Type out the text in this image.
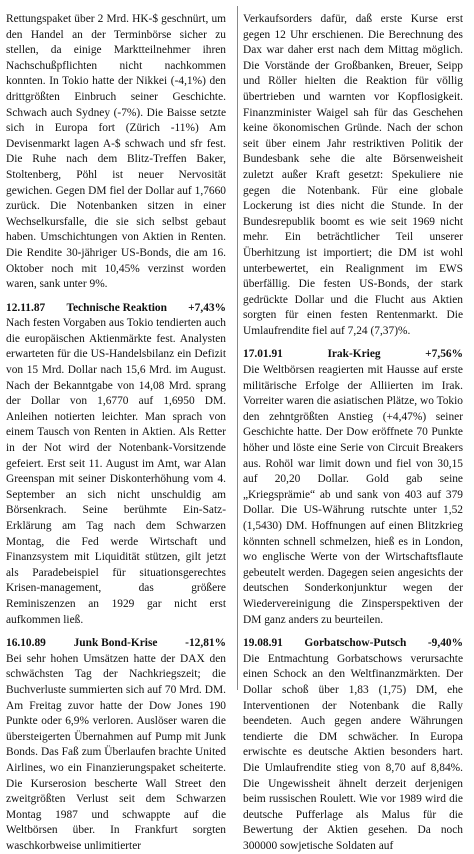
Rettungspaket über 2 Mrd. HK-$ geschnürt, um den Handel an der Terminbörse sicher zu stellen, da einige Marktteilnehmer ihren Nachschußpflichten nicht nachkommen konnten. In Tokio hatte der Nikkei (-4,1%) den drittgrößten Einbruch seiner Geschichte. Schwach auch Sydney (-7%). Die Baisse setzte sich in Europa fort (Zürich -11%) Am Devisenmarkt lagen A-$ schwach und sfr fest. Die Ruhe nach dem Blitz-Treffen Baker, Stoltenberg, Pöhl ist neuer Nervosität gewichen. Gegen DM fiel der Dollar auf 1,7660 zurück. Die Notenbanken sitzen in einer Wechselkursfalle, die sie sich selbst gebaut haben. Umschichtungen von Aktien in Renten. Die Rendite 30-jähriger US-Bonds, die am 16. Oktober noch mit 10,45% verzinst worden waren, sank unter 9%.

12.11.87	Technische Reaktion	+7,43%

Nach festen Vorgaben aus Tokio tendierten auch die europäischen Aktienmärkte fest. Analysten erwarteten für die US-Handelsbilanz ein Defizit von 15 Mrd. Dollar nach 15,6 Mrd. im August. Nach der Bekanntgabe von 14,08 Mrd. sprang der Dollar von 1,6770 auf 1,6950 DM. Anleihen notierten leichter. Man sprach von einem Tausch von Renten in Aktien. Als Retter in der Not wird der Notenbank-Vorsitzende gefeiert. Erst seit 11. August im Amt, war Alan Greenspan mit seiner Diskonterhöhung vom 4. September an sich nicht unschuldig am Börsenkrach. Seine berühmte Ein-Satz-Erklärung am Tag nach dem Schwarzen Montag, die Fed werde Wirtschaft und Finanzsystem mit Liquidität stützen, gilt jetzt als Paradebeispiel für situationsgerechtes Krisen-management, das größere Reminiszenzen an 1929 gar nicht erst aufkommen ließ.

16.10.89	Junk Bond-Krise	-12,81%

Bei sehr hohen Umsätzen hatte der DAX den schwächsten Tag der Nachkriegszeit; die Buchverluste summierten sich auf 70 Mrd. DM. Am Freitag zuvor hatte der Dow Jones 190 Punkte oder 6,9% verloren. Auslöser waren die übersteigerten Übernahmen auf Pump mit Junk Bonds. Das Faß zum Überlaufen brachte United Airlines, wo ein Finanzierungspaket scheiterte. Die Kurserosion bescherte Wall Street den zweitgrößten Verlust seit dem Schwarzen Montag 1987 und schwappte auf die Weltbörsen über. In Frankfurt sorgten waschkorbweise unlimitierter

Verkaufsorders dafür, daß erste Kurse erst gegen 12 Uhr erschienen. Die Berechnung des Dax war daher erst nach dem Mittag möglich. Die Vorstände der Großbanken, Breuer, Seipp und Röller hielten die Reaktion für völlig übertrieben und warnten vor Kopflosigkeit. Finanzminister Waigel sah für das Geschehen keine ökonomischen Gründe. Nach der schon seit über einem Jahr restriktiven Politik der Bundesbank sehe die alte Börsenweisheit zuletzt außer Kraft gesetzt: Spekuliere nie gegen die Notenbank. Für eine globale Lockerung ist dies nicht die Stunde. In der Bundesrepublik boomt es wie seit 1969 nicht mehr. Ein beträchtlicher Teil unserer Überhitzung ist importiert; die DM ist wohl unterbewertet, ein Realignment im EWS überfällig. Die festen US-Bonds, der stark gedrückte Dollar und die Flucht aus Aktien sorgten für einen festen Rentenmarkt. Die Umlaufrendite fiel auf 7,24 (7,37)%.

17.01.91	Irak-Krieg	+7,56%

Die Weltbörsen reagierten mit Hausse auf erste militärische Erfolge der Alliierten im Irak. Vorreiter waren die asiatischen Plätze, wo Tokio den zehntgrößten Anstieg (+4,47%) seiner Geschichte hatte. Der Dow eröffnete 70 Punkte höher und löste eine Serie von Circuit Breakers aus. Rohöl war limit down und fiel von 30,15 auf 20,20 Dollar. Gold gab seine „Kriegsprämie“ ab und sank von 403 auf 379 Dollar. Die US-Währung rutschte unter 1,52 (1,5430) DM. Hoffnungen auf einen Blitzkrieg könnten schnell schmelzen, hieß es in London, wo englische Werte von der Wirtschaftsflaute gebeutelt werden. Dagegen seien angesichts der deutschen Sonderkonjunktur wegen der Wiedervereinigung die Zinsperspektiven der DM ganz anders zu beurteilen.

19.08.91	Gorbatschow-Putsch	-9,40%

Die Entmachtung Gorbatschows verursachte einen Schock an den Weltfinanzmärkten. Der Dollar schoß über 1,83 (1,75) DM, ehe Interventionen der Notenbank die Rally beendeten. Auch gegen andere Währungen tendierte die DM schwächer. In Europa erwischte es deutsche Aktien besonders hart. Die Umlaufrendite stieg von 8,70 auf 8,84%. Die Ungewissheit ähnelt derzeit derjenigen beim russischen Roulett. Wie vor 1989 wird die deutsche Pufferlage als Malus für die Bewertung der Aktien gesehen. Da noch 300000 sowjetische Soldaten auf
